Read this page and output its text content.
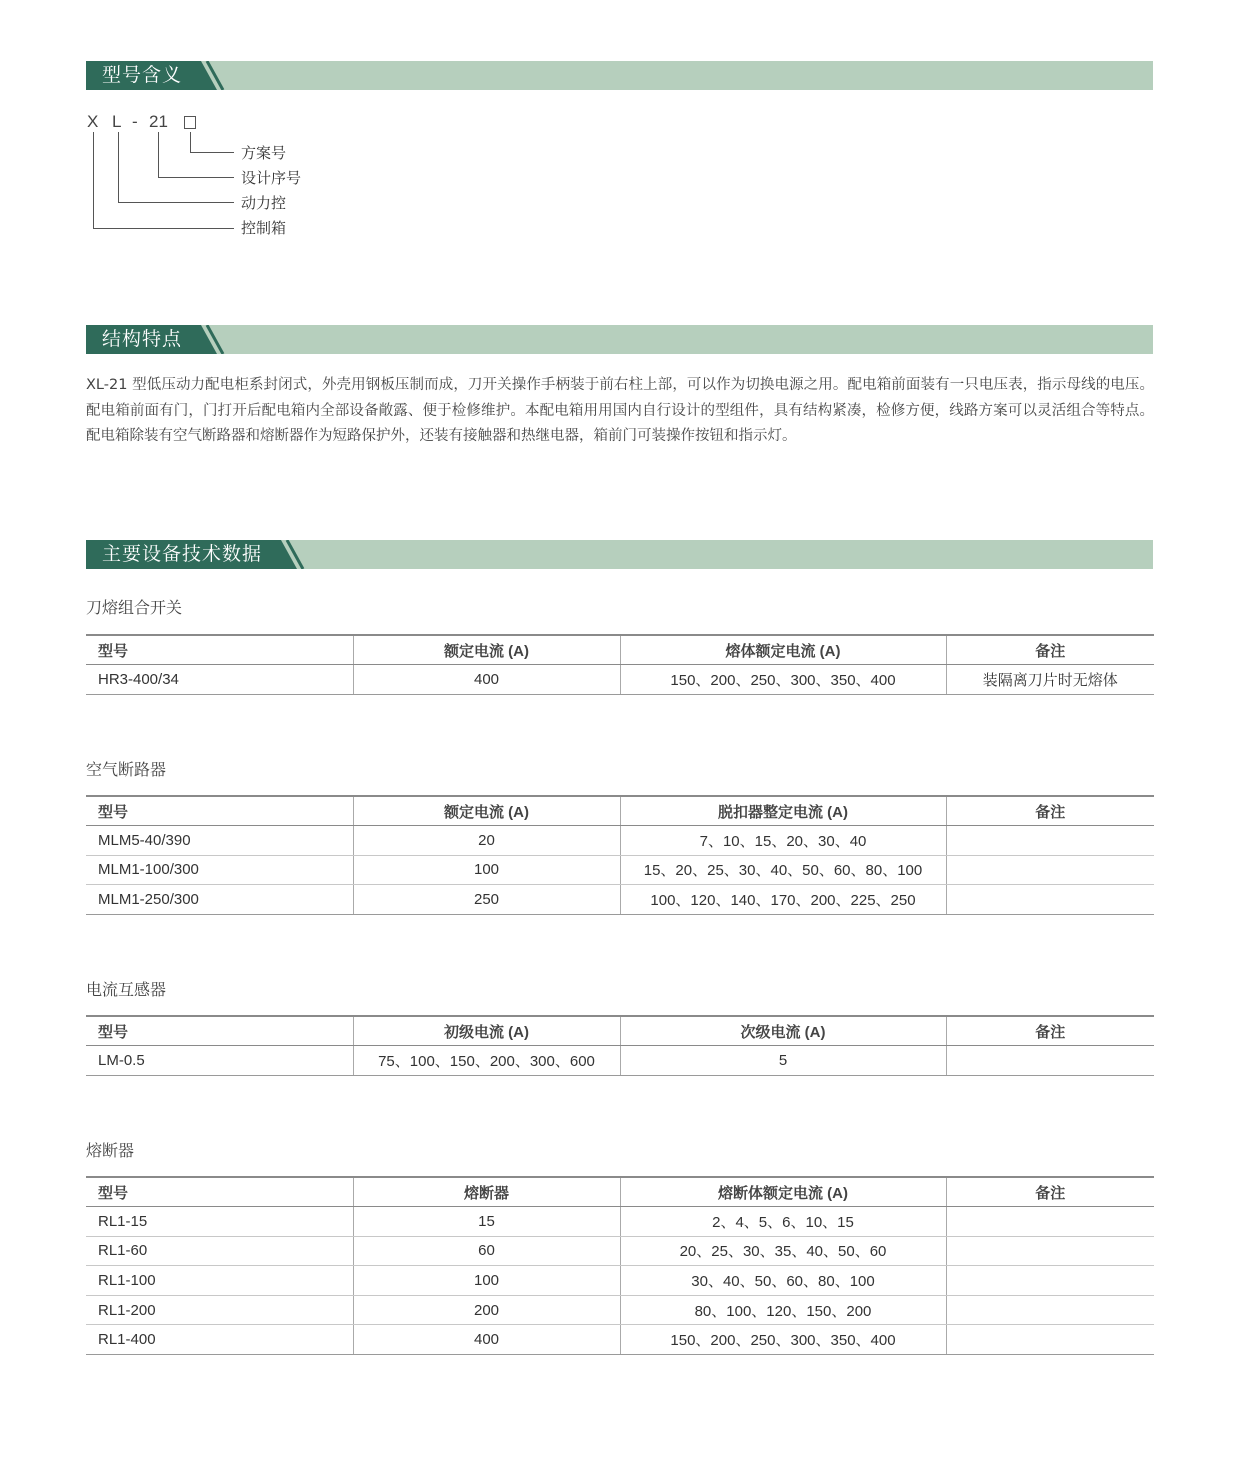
型号含义
X L - 21
方案号
设计序号
动力控
控制箱
结构特点

XL-21 型低压动力配电柜系封闭式，外壳用钢板压制而成，刀开关操作手柄装于前右柱上部，可以作为切换电源之用。配电箱前面装有一只电压表，指示母线的电压。配电箱前面有门，门打开后配电箱内全部设备敞露、便于检修维护。本配电箱用用国内自行设计的型组件，具有结构紧凑，检修方便，线路方案可以灵活组合等特点。配电箱除装有空气断路器和熔断器作为短路保护外，还装有接触器和热继电器，箱前门可装操作按钮和指示灯。

主要设备技术数据
刀熔组合开关
型号	额定电流 (A)	熔体额定电流 (A)	备注
HR3-400/34	400	150、200、250、300、350、400	装隔离刀片时无熔体
空气断路器
型号	额定电流 (A)	脱扣器整定电流 (A)	备注
MLM5-40/390	20	7、10、15、20、30、40	
MLM1-100/300	100	15、20、25、30、40、50、60、80、100	
MLM1-250/300	250	100、120、140、170、200、225、250	
电流互感器
型号	初级电流 (A)	次级电流 (A)	备注
LM-0.5	75、100、150、200、300、600	5	
熔断器
型号	熔断器	熔断体额定电流 (A)	备注
RL1-15	15	2、4、5、6、10、15	
RL1-60	60	20、25、30、35、40、50、60	
RL1-100	100	30、40、50、60、80、100	
RL1-200	200	80、100、120、150、200	
RL1-400	400	150、200、250、300、350、400	
